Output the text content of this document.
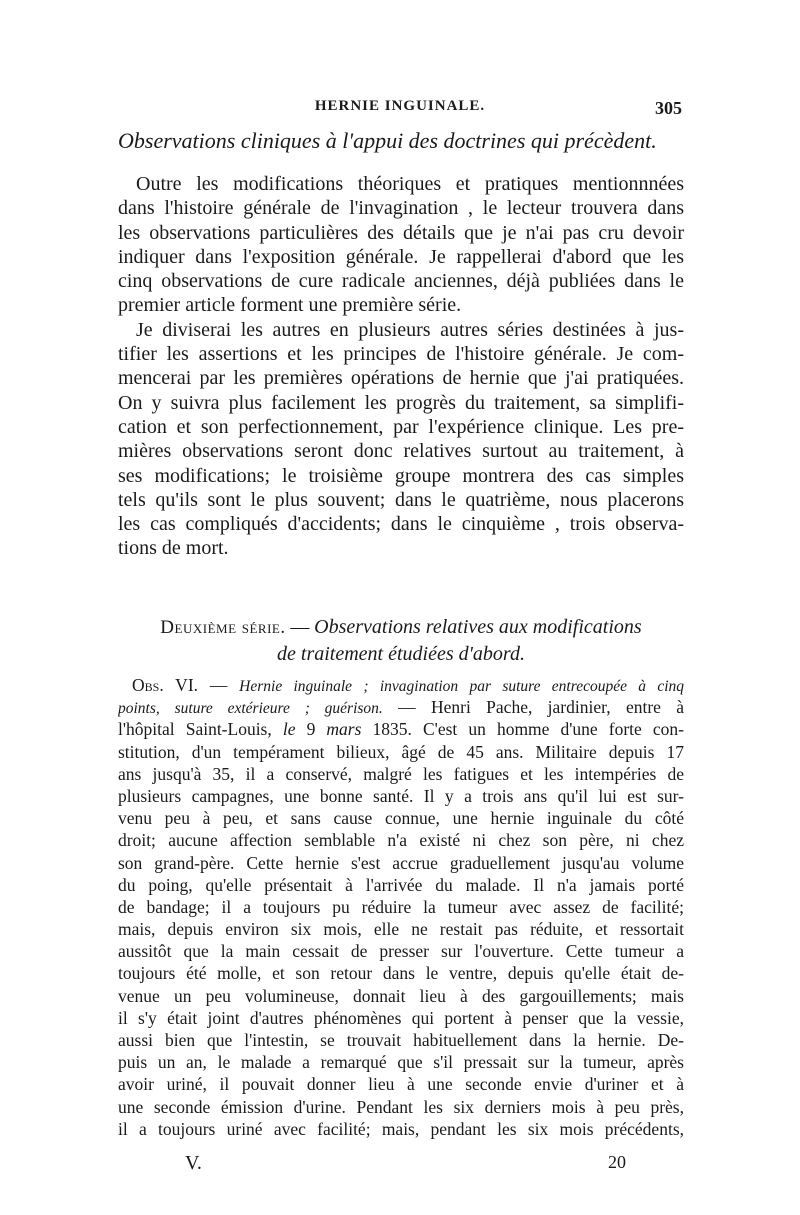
HERNIE INGUINALE.	305
Observations cliniques à l'appui des doctrines qui précèdent.
Outre les modifications théoriques et pratiques mentionnnées
dans l'histoire générale de l'invagination , le lecteur trouvera dans
les observations particulières des détails que je n'ai pas cru devoir
indiquer dans l'exposition générale. Je rappellerai d'abord que les
cinq observations de cure radicale anciennes, déjà publiées dans le
premier article forment une première série.
Je diviserai les autres en plusieurs autres séries destinées à jus-
tifier les assertions et les principes de l'histoire générale. Je com-
mencerai par les premières opérations de hernie que j'ai pratiquées.
On y suivra plus facilement les progrès du traitement, sa simplifi-
cation et son perfectionnement, par l'expérience clinique. Les pre-
mières observations seront donc relatives surtout au traitement, à
ses modifications; le troisième groupe montrera des cas simples
tels qu'ils sont le plus souvent; dans le quatrième, nous placerons
les cas compliqués d'accidents; dans le cinquième , trois observa-
tions de mort.
Deuxième série. — Observations relatives aux modifications
de traitement étudiées d'abord.
Obs. VI. — Hernie inguinale ; invagination par suture entrecoupée à cinq
points, suture extérieure ; guérison. — Henri Pache, jardinier, entre à
l'hôpital Saint-Louis, le 9 mars 1835. C'est un homme d'une forte con-
stitution, d'un tempérament bilieux, âgé de 45 ans. Militaire depuis 17
ans jusqu'à 35, il a conservé, malgré les fatigues et les intempéries de
plusieurs campagnes, une bonne santé. Il y a trois ans qu'il lui est sur-
venu peu à peu, et sans cause connue, une hernie inguinale du côté
droit; aucune affection semblable n'a existé ni chez son père, ni chez
son grand-père. Cette hernie s'est accrue graduellement jusqu'au volume
du poing, qu'elle présentait à l'arrivée du malade. Il n'a jamais porté
de bandage; il a toujours pu réduire la tumeur avec assez de facilité;
mais, depuis environ six mois, elle ne restait pas réduite, et ressortait
aussitôt que la main cessait de presser sur l'ouverture. Cette tumeur a
toujours été molle, et son retour dans le ventre, depuis qu'elle était de-
venue un peu volumineuse, donnait lieu à des gargouillements; mais
il s'y était joint d'autres phénomènes qui portent à penser que la vessie,
aussi bien que l'intestin, se trouvait habituellement dans la hernie. De-
puis un an, le malade a remarqué que s'il pressait sur la tumeur, après
avoir uriné, il pouvait donner lieu à une seconde envie d'uriner et à
une seconde émission d'urine. Pendant les six derniers mois à peu près,
il a toujours uriné avec facilité; mais, pendant les six mois précédents,
V.	20
